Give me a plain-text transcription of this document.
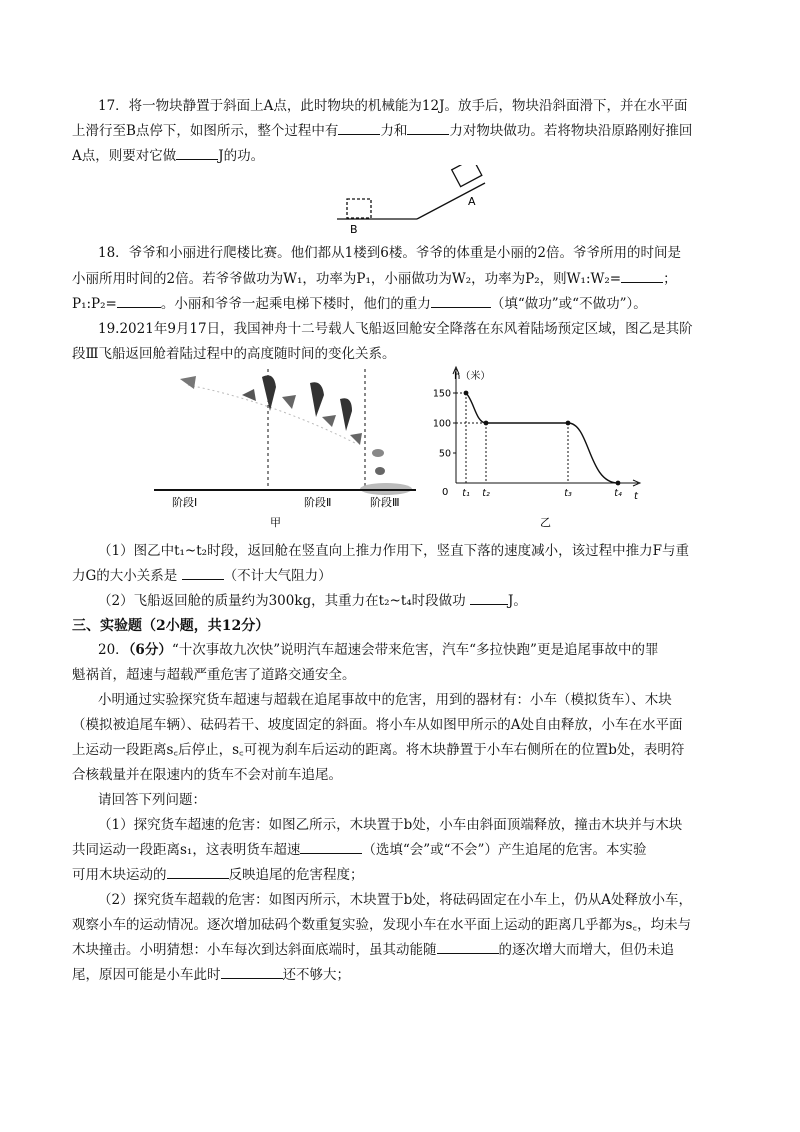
17．将一物块静置于斜面上A点，此时物块的机械能为12J。放手后，物块沿斜面滑下，并在水平面
上滑行至B点停下，如图所示，整个过程中有	力和	力对物块做功。若将物块沿原路刚好推回
A点，则要对它做	J的功。
A
B
18．爷爷和小丽进行爬楼比赛。他们都从1楼到6楼。爷爷的体重是小丽的2倍。爷爷所用的时间是
小丽所用时间的2倍。若爷爷做功为W₁，功率为P₁，小丽做功为W₂，功率为P₂，则W₁:W₂=	；
P₁:P₂=	。小丽和爷爷一起乘电梯下楼时，他们的重力	（填“做功”或“不做功”）。
19.2021年9月17日，我国神舟十二号载人飞船返回舱安全降落在东风着陆场预定区域，图乙是其阶
段Ⅲ飞船返回舱着陆过程中的高度随时间的变化关系。
阶段Ⅰ	阶段Ⅱ	阶段Ⅲ
甲
h（米）
t
0
乙
50
100
150
t₁ t₂	t₃	t₄
（1）图乙中t₁~t₂时段，返回舱在竖直向上推力作用下，竖直下落的速度减小，该过程中推力F与重
力G的大小关系是	（不计大气阻力）
（2）飞船返回舱的质量约为300kg，其重力在t₂~t₄时段做功	J。
三、实验题（2小题，共12分）
20．（6分）“十次事故九次快”说明汽车超速会带来危害，汽车“多拉快跑”更是追尾事故中的罪
魁祸首，超速与超载严重危害了道路交通安全。
小明通过实验探究货车超速与超载在追尾事故中的危害，用到的器材有：小车（模拟货车）、木块
（模拟被追尾车辆）、砝码若干、坡度固定的斜面。将小车从如图甲所示的A处自由释放，小车在水平面
上运动一段距离s꜀后停止，s꜀可视为刹车后运动的距离。将木块静置于小车右侧所在的位置b处，表明符
合核载量并在限速内的货车不会对前车追尾。
请回答下列问题：
（1）探究货车超速的危害：如图乙所示，木块置于b处，小车由斜面顶端释放，撞击木块并与木块
共同运动一段距离s₁，这表明货车超速	（选填“会”或“不会”）产生追尾的危害。本实验
可用木块运动的	反映追尾的危害程度；
（2）探究货车超载的危害：如图丙所示，木块置于b处，将砝码固定在小车上，仍从A处释放小车，
观察小车的运动情况。逐次增加砝码个数重复实验，发现小车在水平面上运动的距离几乎都为s꜀，均未与
木块撞击。小明猜想：小车每次到达斜面底端时，虽其动能随	的逐次增大而增大，但仍未追
尾，原因可能是小车此时	还不够大；
